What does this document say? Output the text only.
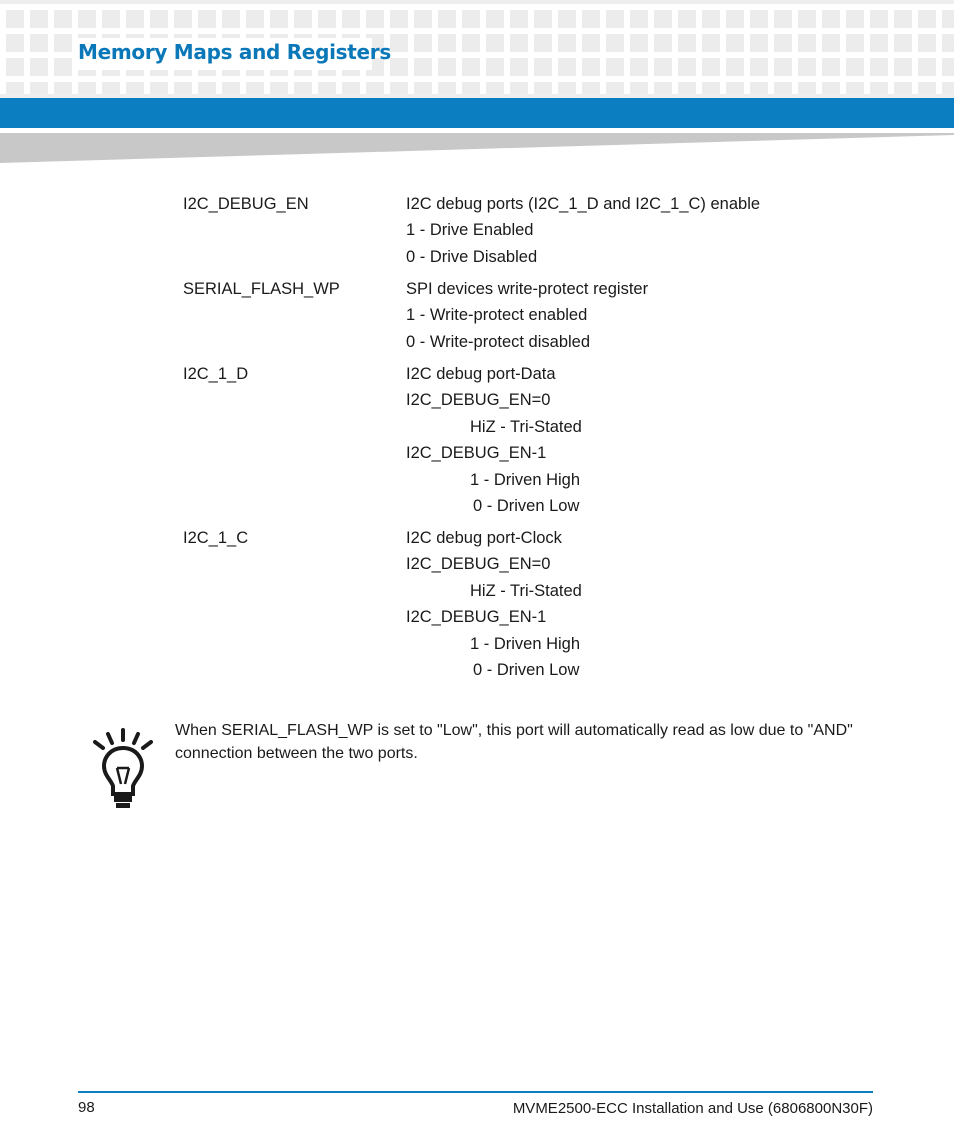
Memory Maps and Registers
I2C_DEBUG_EN	I2C debug ports (I2C_1_D and I2C_1_C) enable
1 - Drive Enabled
0 - Drive Disabled
SERIAL_FLASH_WP	SPI devices write-protect register
1 - Write-protect enabled
0 - Write-protect disabled
I2C_1_D	I2C debug port-Data
I2C_DEBUG_EN=0
HiZ - Tri-Stated
I2C_DEBUG_EN-1
1 - Driven High
0 - Driven Low
I2C_1_C	I2C debug port-Clock
I2C_DEBUG_EN=0
HiZ - Tri-Stated
I2C_DEBUG_EN-1
1 - Driven High
0 - Driven Low
When SERIAL_FLASH_WP is set to "Low", this port will automatically read as low due to "AND" connection between the two ports.
98	MVME2500-ECC Installation and Use (6806800N30F)
